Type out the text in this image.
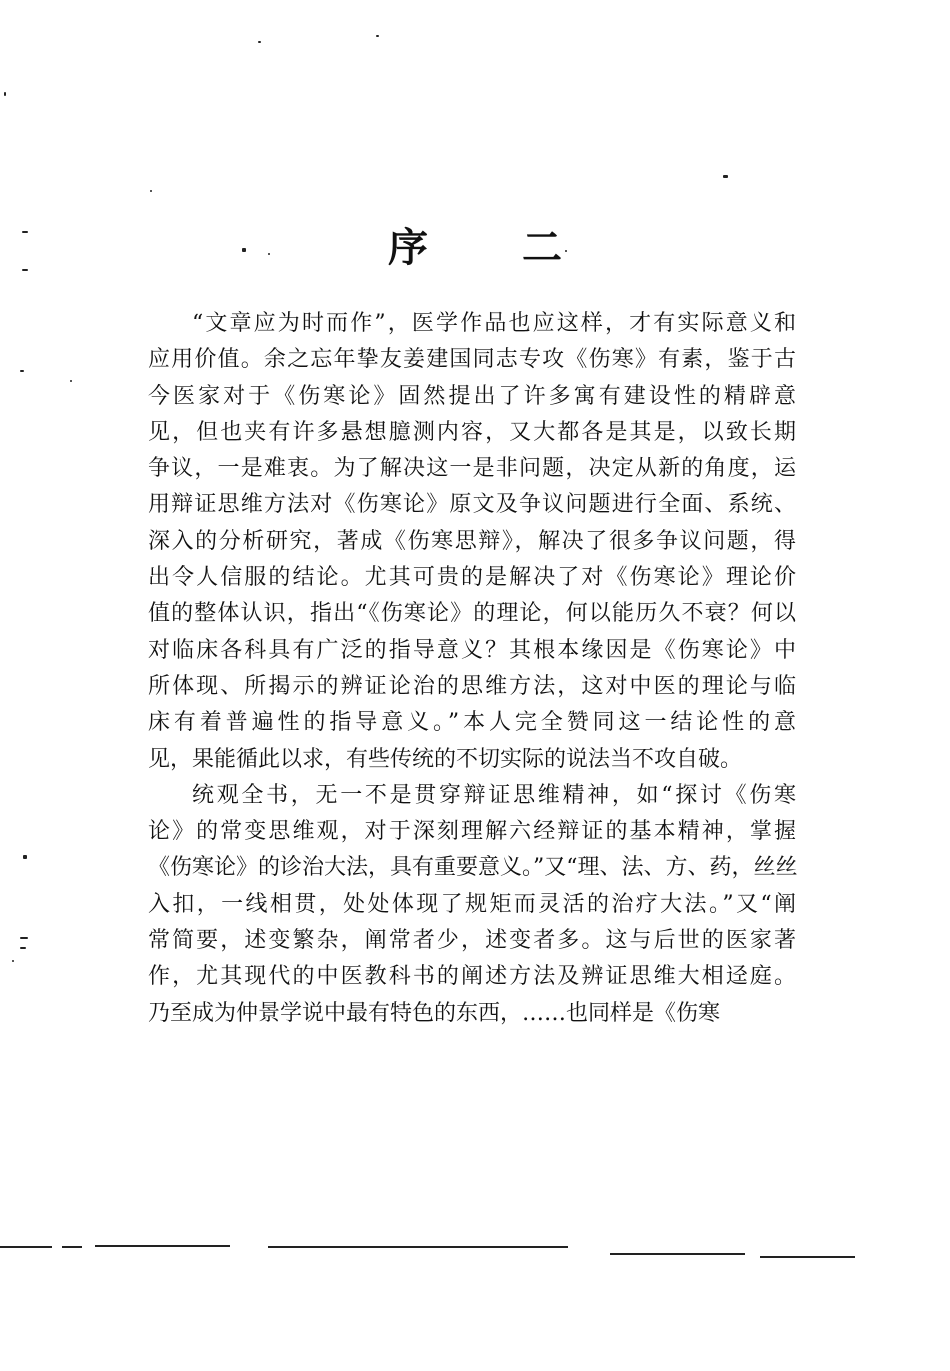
序 二
“文章应为时而作”，医学作品也应这样，才有实际意义和
应用价值。余之忘年挚友姜建国同志专攻《伤寒》有素，鉴于古
今医家对于《伤寒论》固然提出了许多寓有建设性的精辟意
见，但也夹有许多悬想臆测内容，又大都各是其是，以致长期
争议，一是难衷。为了解决这一是非问题，决定从新的角度，运
用辩证思维方法对《伤寒论》原文及争议问题进行全面、系统、
深入的分析研究，著成《伤寒思辩》，解决了很多争议问题，得
出令人信服的结论。尤其可贵的是解决了对《伤寒论》理论价
值的整体认识，指出“《伤寒论》的理论，何以能历久不衰？何以
对临床各科具有广泛的指导意义？其根本缘因是《伤寒论》中
所体现、所揭示的辨证论治的思维方法，这对中医的理论与临
床有着普遍性的指导意义。”本人完全赞同这一结论性的意
见，果能循此以求，有些传统的不切实际的说法当不攻自破。
统观全书，无一不是贯穿辩证思维精神，如“探讨《伤寒
论》的常变思维观，对于深刻理解六经辩证的基本精神，掌握
《伤寒论》的诊治大法，具有重要意义。”又“理、法、方、药，丝丝
入扣，一线相贯，处处体现了规矩而灵活的治疗大法。”又“阐
常简要，述变繁杂，阐常者少，述变者多。这与后世的医家著
作，尤其现代的中医教科书的阐述方法及辨证思维大相迳庭。
乃至成为仲景学说中最有特色的东西，……也同样是《伤寒
